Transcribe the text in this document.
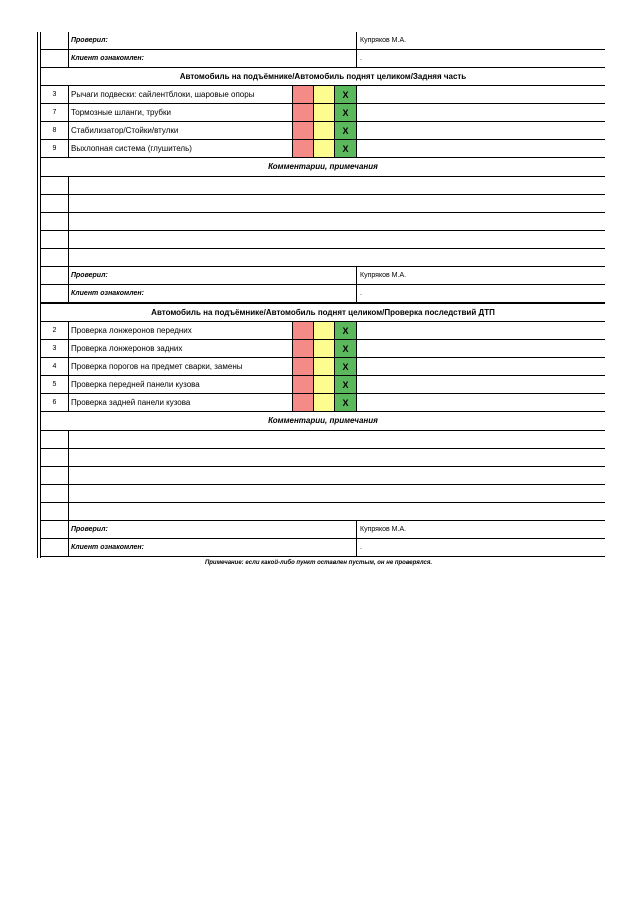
Проверил:	Купряков М.А.
Клиент ознакомлен:	.
Автомобиль на подъёмнике/Автомобиль поднят целиком/Задняя часть
3	Рычаги подвески: сайлентблоки, шаровые опоры	X
7	Тормозные шланги, трубки	X
8	Стабилизатор/Стойки/втулки	X
9	Выхлопная система (глушитель)	X
Комментарии, примечания
Проверил:	Купряков М.А.
Клиент ознакомлен:	.
Автомобиль на подъёмнике/Автомобиль поднят целиком/Проверка последствий ДТП
2	Проверка лонжеронов передних	X
3	Проверка лонжеронов задних	X
4	Проверка порогов на предмет сварки, замены	X
5	Проверка передней панели кузова	X
6	Проверка задней панели кузова	X
Комментарии, примечания
Проверил:	Купряков М.А.
Клиент ознакомлен:	.
Примечание: если какой-либо пункт оставлен пустым, он не проверялся.
